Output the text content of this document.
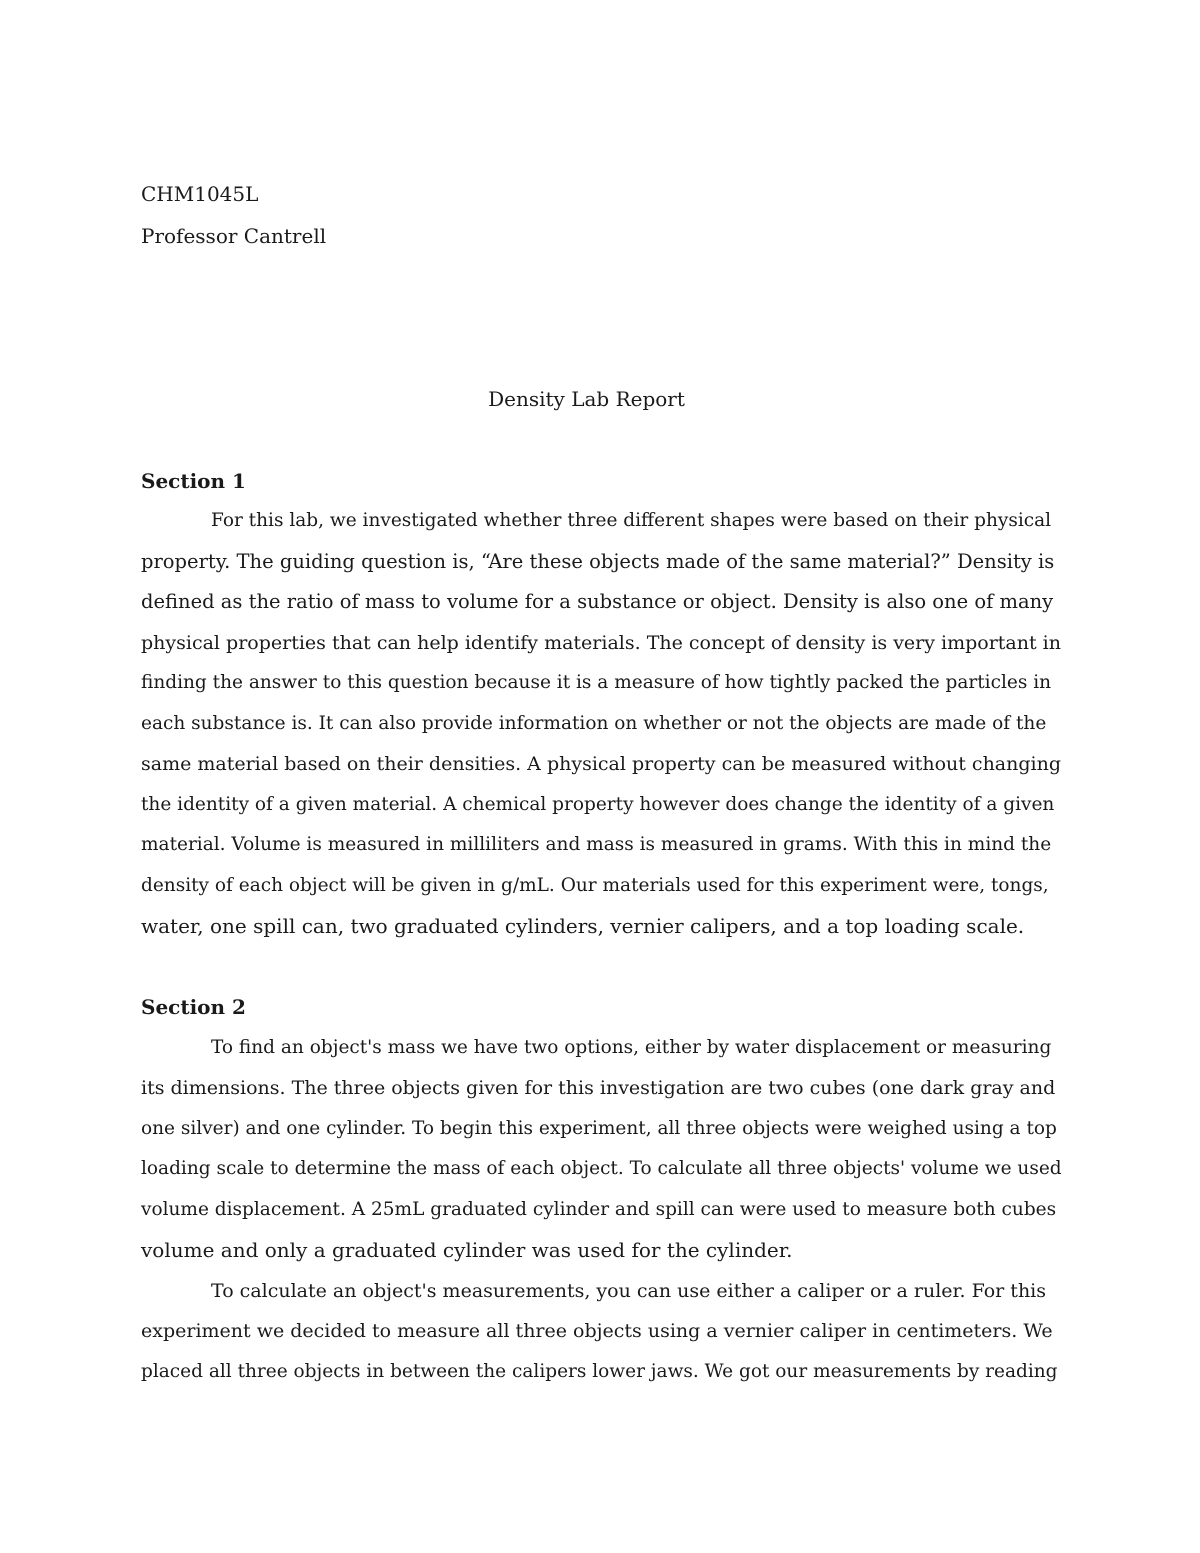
CHM1045L
Professor Cantrell
Density Lab Report
Section 1
For this lab, we investigated whether three different shapes were based on their physical
property. The guiding question is, “Are these objects made of the same material?” Density is
defined as the ratio of mass to volume for a substance or object. Density is also one of many
physical properties that can help identify materials. The concept of density is very important in
finding the answer to this question because it is a measure of how tightly packed the particles in
each substance is. It can also provide information on whether or not the objects are made of the
same material based on their densities. A physical property can be measured without changing
the identity of a given material. A chemical property however does change the identity of a given
material. Volume is measured in milliliters and mass is measured in grams. With this in mind the
density of each object will be given in g/mL. Our materials used for this experiment were, tongs,
water, one spill can, two graduated cylinders, vernier calipers, and a top loading scale.
Section 2
To find an object's mass we have two options, either by water displacement or measuring
its dimensions. The three objects given for this investigation are two cubes (one dark gray and
one silver) and one cylinder. To begin this experiment, all three objects were weighed using a top
loading scale to determine the mass of each object. To calculate all three objects' volume we used
volume displacement. A 25mL graduated cylinder and spill can were used to measure both cubes
volume and only a graduated cylinder was used for the cylinder.
To calculate an object's measurements, you can use either a caliper or a ruler. For this
experiment we decided to measure all three objects using a vernier caliper in centimeters. We
placed all three objects in between the calipers lower jaws. We got our measurements by reading
